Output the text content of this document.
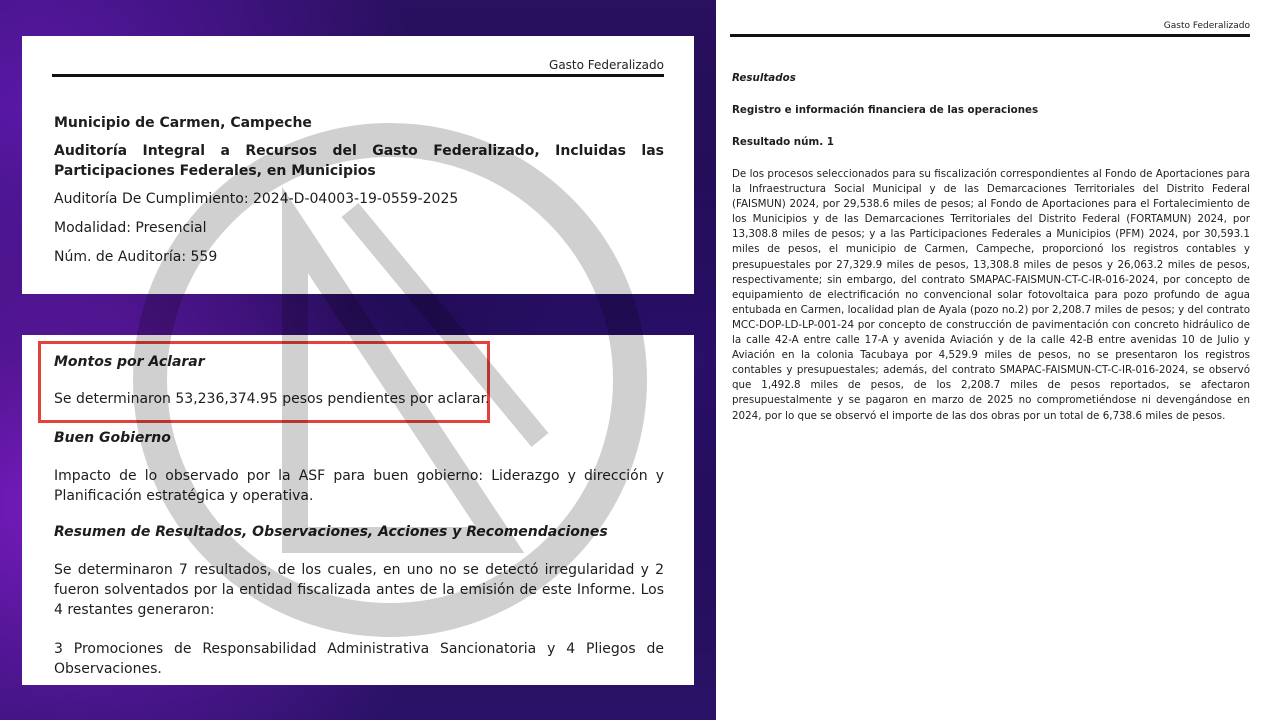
Gasto Federalizado
Municipio de Carmen, Campeche
Auditoría Integral a Recursos del Gasto Federalizado, Incluidas las Participaciones Federales, en Municipios
Auditoría De Cumplimiento: 2024-D-04003-19-0559-2025
Modalidad: Presencial
Núm. de Auditoría: 559
Montos por Aclarar
Se determinaron 53,236,374.95 pesos pendientes por aclarar.
Buen Gobierno
Impacto de lo observado por la ASF para buen gobierno: Liderazgo y dirección y Planificación estratégica y operativa.
Resumen de Resultados, Observaciones, Acciones y Recomendaciones
Se determinaron 7 resultados, de los cuales, en uno no se detectó irregularidad y 2 fueron solventados por la entidad fiscalizada antes de la emisión de este Informe. Los 4 restantes generaron:
3 Promociones de Responsabilidad Administrativa Sancionatoria y 4 Pliegos de Observaciones.
Gasto Federalizado
Resultados
Registro e información financiera de las operaciones
Resultado núm. 1
De los procesos seleccionados para su fiscalización correspondientes al Fondo de Aportaciones para la Infraestructura Social Municipal y de las Demarcaciones Territoriales del Distrito Federal (FAISMUN) 2024, por 29,538.6 miles de pesos; al Fondo de Aportaciones para el Fortalecimiento de los Municipios y de las Demarcaciones Territoriales del Distrito Federal (FORTAMUN) 2024, por 13,308.8 miles de pesos; y a las Participaciones Federales a Municipios (PFM) 2024, por 30,593.1 miles de pesos, el municipio de Carmen, Campeche, proporcionó los registros contables y presupuestales por 27,329.9 miles de pesos, 13,308.8 miles de pesos y 26,063.2 miles de pesos, respectivamente; sin embargo, del contrato SMAPAC-FAISMUN-CT-C-IR-016-2024, por concepto de equipamiento de electrificación no convencional solar fotovoltaica para pozo profundo de agua entubada en Carmen, localidad plan de Ayala (pozo no.2) por 2,208.7 miles de pesos; y del contrato MCC-DOP-LD-LP-001-24 por concepto de construcción de pavimentación con concreto hidráulico de la calle 42-A entre calle 17-A y avenida Aviación y de la calle 42-B entre avenidas 10 de Julio y Aviación en la colonia Tacubaya por 4,529.9 miles de pesos, no se presentaron los registros contables y presupuestales; además, del contrato SMAPAC-FAISMUN-CT-C-IR-016-2024, se observó que 1,492.8 miles de pesos, de los 2,208.7 miles de pesos reportados, se afectaron presupuestalmente y se pagaron en marzo de 2025 no comprometiéndose ni devengándose en 2024, por lo que se observó el importe de las dos obras por un total de 6,738.6 miles de pesos.
